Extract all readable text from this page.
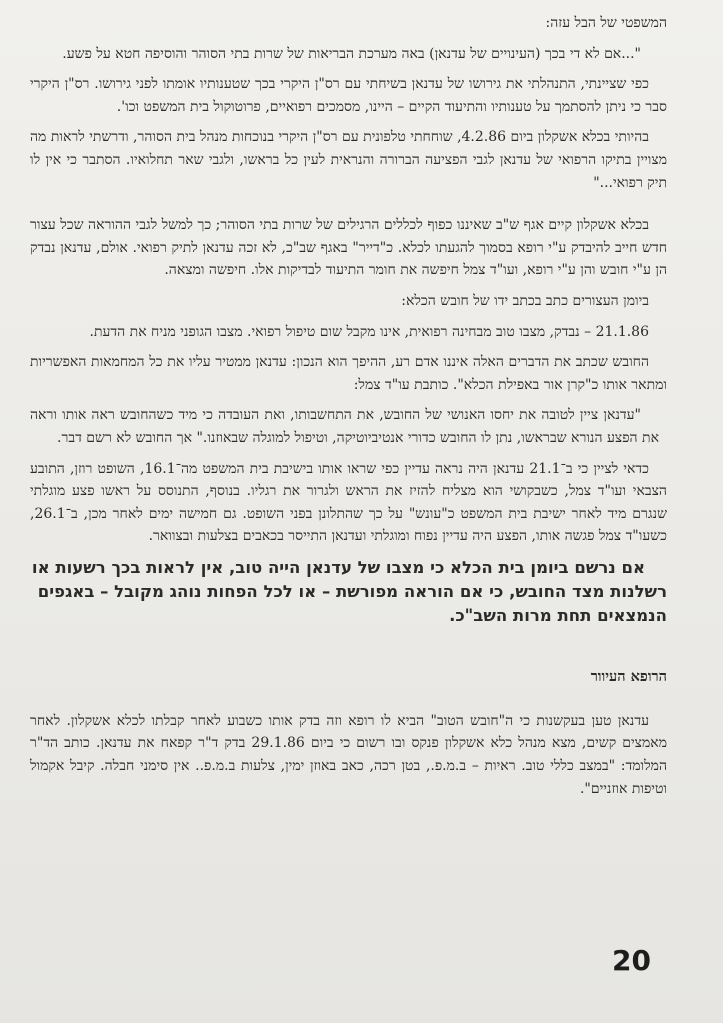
המשפטי של הבל עזה:

"...אם לא די בכך (העינויים של עדנאן) באה מערכת הבריאות של שרות בתי הסוהר והוסיפה חטא על פשע.

כפי שציינתי, התנהלתי את גירושו של עדנאן בשיחתי עם רס"ן היקרי בכך שטענותיו אומתו לפני גירושו. רס"ן היקרי סבר כי ניתן להסתמך על טענותיו והתיעוד הקיים – היינו, מסמכים רפואיים, פרוטוקול בית המשפט וכו'.

בהיותי בכלא אשקלון ביום 4.2.86, שוחחתי טלפונית עם רס"ן היקרי בנוכחות מנהל בית הסוהר, ודרשתי לראות מה מצויין בתיקו הרפואי של עדנאן לגבי הפציעה הברורה והנראית לעין כל בראשו, ולגבי שאר תחלואיו. הסתבר כי אין לו תיק רפואי..."

בכלא אשקלון קיים אגף ש"ב שאיננו כפוף לכללים הרגילים של שרות בתי הסוהר; כך למשל לגבי ההוראה שכל עצור חדש חייב להיבדק ע"י רופא בסמוך להגעתו לכלא. כ"דייר" באגף שב"כ, לא זכה עדנאן לתיק רפואי. אולם, עדנאן נבדק הן ע"י חובש והן ע"י רופא, ועו"ד צמל חיפשה את חומר התיעוד לבדיקות אלו. חיפשה ומצאה.

ביומן העצורים כתב בכתב ידו של חובש הכלא:

21.1.86 – נבדק, מצבו טוב מבחינה רפואית, אינו מקבל שום טיפול רפואי. מצבו הגופני מניח את הדעת.

החובש שכתב את הדברים האלה איננו אדם רע, ההיפך הוא הנכון: עדנאן ממטיר עליו את כל המחמאות האפשריות ומתאר אותו כ"קרן אור באפילת הכלא". כותבת עו"ד צמל:

"עדנאן ציין לטובה את יחסו האנושי של החובש, את התחשבותו, ואת העובדה כי מיד כשהחובש ראה אותו וראה את הפצע הנורא שבראשו, נתן לו החובש כדורי אנטיביוטיקה, וטיפול למוגלה שבאוזנו." אך החובש לא רשם דבר.

כדאי לציין כי ב־21.1 עדנאן היה נראה עדיין כפי שראו אותו בישיבת בית המשפט מה־16.1, השופט רוזן, התובע הצבאי ועו"ד צמל, כשבקושי הוא מצליח להזיז את הראש ולגרור את רגליו. בנוסף, התנוסס על ראשו פצע מוגלתי שנגרם מיד לאחר ישיבת בית המשפט כ"עונש" על כך שהתלונן בפני השופט. גם חמישה ימים לאחר מכן, ב־26.1, כשעו"ד צמל פגשה אותו, הפצע היה עדיין נפוח ומוגלתי ועדנאן התייסר בכאבים בצלעות ובצוואר.

אם נרשם ביומן בית הכלא כי מצבו של עדנאן הייה טוב, אין לראות בכך רשעות או רשלנות מצד החובש, כי אם הוראה מפורשת – או לכל הפחות נוהג מקובל – באגפים הנמצאים תחת מרות השב"כ.

הרופא העיוור

עדנאן טען בעקשנות כי ה"חובש הטוב" הביא לו רופא וזה בדק אותו כשבוע לאחר קבלתו לכלא אשקלון. לאחר מאמצים קשים, מצא מנהל כלא אשקלון פנקס ובו רשום כי ביום 29.1.86 בדק ד"ר קפאח את עדנאן. כותב הד"ר המלומד: "במצב כללי טוב. ראיות – ב.מ.פ., בטן רכה, כאב באוזן ימין, צלעות ב.מ.פ.. אין סימני חבלה. קיבל אקמול וטיפות אוזניים".

20
